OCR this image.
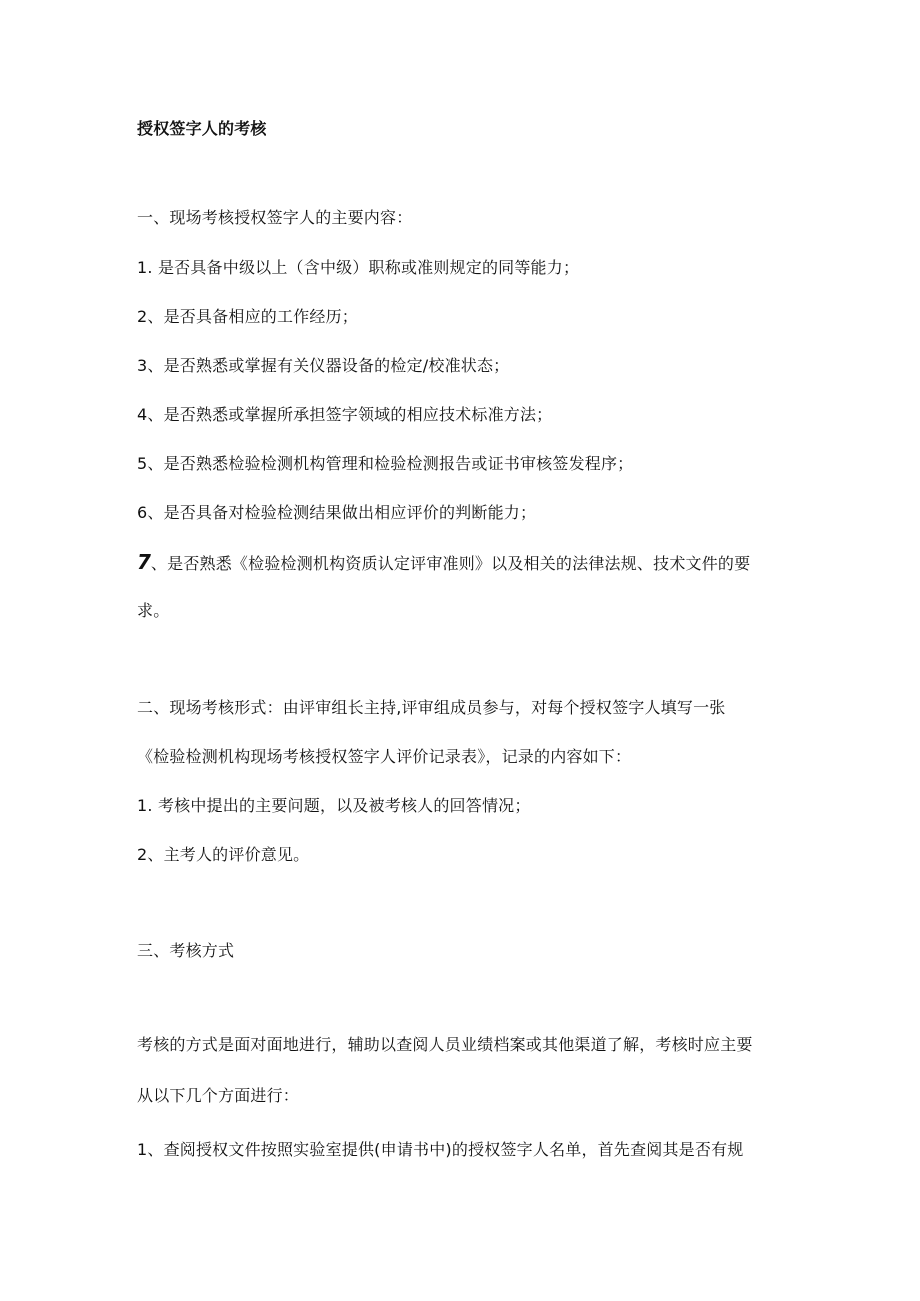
授权签字人的考核
一、现场考核授权签字人的主要内容：
1. 是否具备中级以上（含中级）职称或准则规定的同等能力；
2、是否具备相应的工作经历；
3、是否熟悉或掌握有关仪器设备的检定/校准状态；
4、是否熟悉或掌握所承担签字领域的相应技术标准方法；
5、是否熟悉检验检测机构管理和检验检测报告或证书审核签发程序；
6、是否具备对检验检测结果做出相应评价的判断能力；
7、是否熟悉《检验检测机构资质认定评审准则》以及相关的法律法规、技术文件的要
求。
二、现场考核形式：由评审组长主持,评审组成员参与，对每个授权签字人填写一张
《检验检测机构现场考核授权签字人评价记录表》，记录的内容如下：
1. 考核中提出的主要问题，以及被考核人的回答情况；
2、主考人的评价意见。
三、考核方式
考核的方式是面对面地进行，辅助以查阅人员业绩档案或其他渠道了解，考核时应主要
从以下几个方面进行：
1、查阅授权文件按照实验室提供(申请书中)的授权签字人名单，首先查阅其是否有规
